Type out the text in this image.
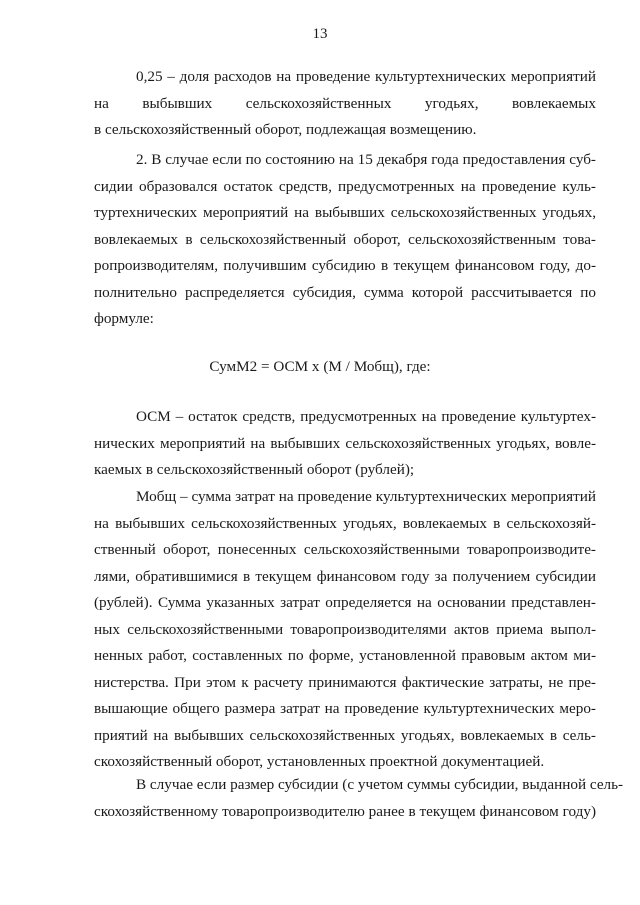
13
0,25 – доля расходов на проведение культуртехнических мероприятий
на выбывших сельскохозяйственных угодьях, вовлекаемых
в сельскохозяйственный оборот, подлежащая возмещению.
2. В случае если по состоянию на 15 декабря года предоставления суб-
сидии образовался остаток средств, предусмотренных на проведение куль-
туртехнических мероприятий на выбывших сельскохозяйственных угодьях,
вовлекаемых в сельскохозяйственный оборот, сельскохозяйственным това-
ропроизводителям, получившим субсидию в текущем финансовом году, до-
полнительно распределяется субсидия, сумма которой рассчитывается по
формуле:
СумМ2 = ОСМ х (М / Мобщ), где:
ОСМ – остаток средств, предусмотренных на проведение культуртех-
нических мероприятий на выбывших сельскохозяйственных угодьях, вовле-
каемых в сельскохозяйственный оборот (рублей);
Мобщ – сумма затрат на проведение культуртехнических мероприятий
на выбывших сельскохозяйственных угодьях, вовлекаемых в сельскохозяй-
ственный оборот, понесенных сельскохозяйственными товаропроизводите-
лями, обратившимися в текущем финансовом году за получением субсидии
(рублей). Сумма указанных затрат определяется на основании представлен-
ных сельскохозяйственными товаропроизводителями актов приема выпол-
ненных работ, составленных по форме, установленной правовым актом ми-
нистерства. При этом к расчету принимаются фактические затраты, не пре-
вышающие общего размера затрат на проведение культуртехнических меро-
приятий на выбывших сельскохозяйственных угодьях, вовлекаемых в сель-
скохозяйственный оборот, установленных проектной документацией.
В случае если размер субсидии (с учетом суммы субсидии, выданной сель-
скохозяйственному товаропроизводителю ранее в текущем финансовом году)
